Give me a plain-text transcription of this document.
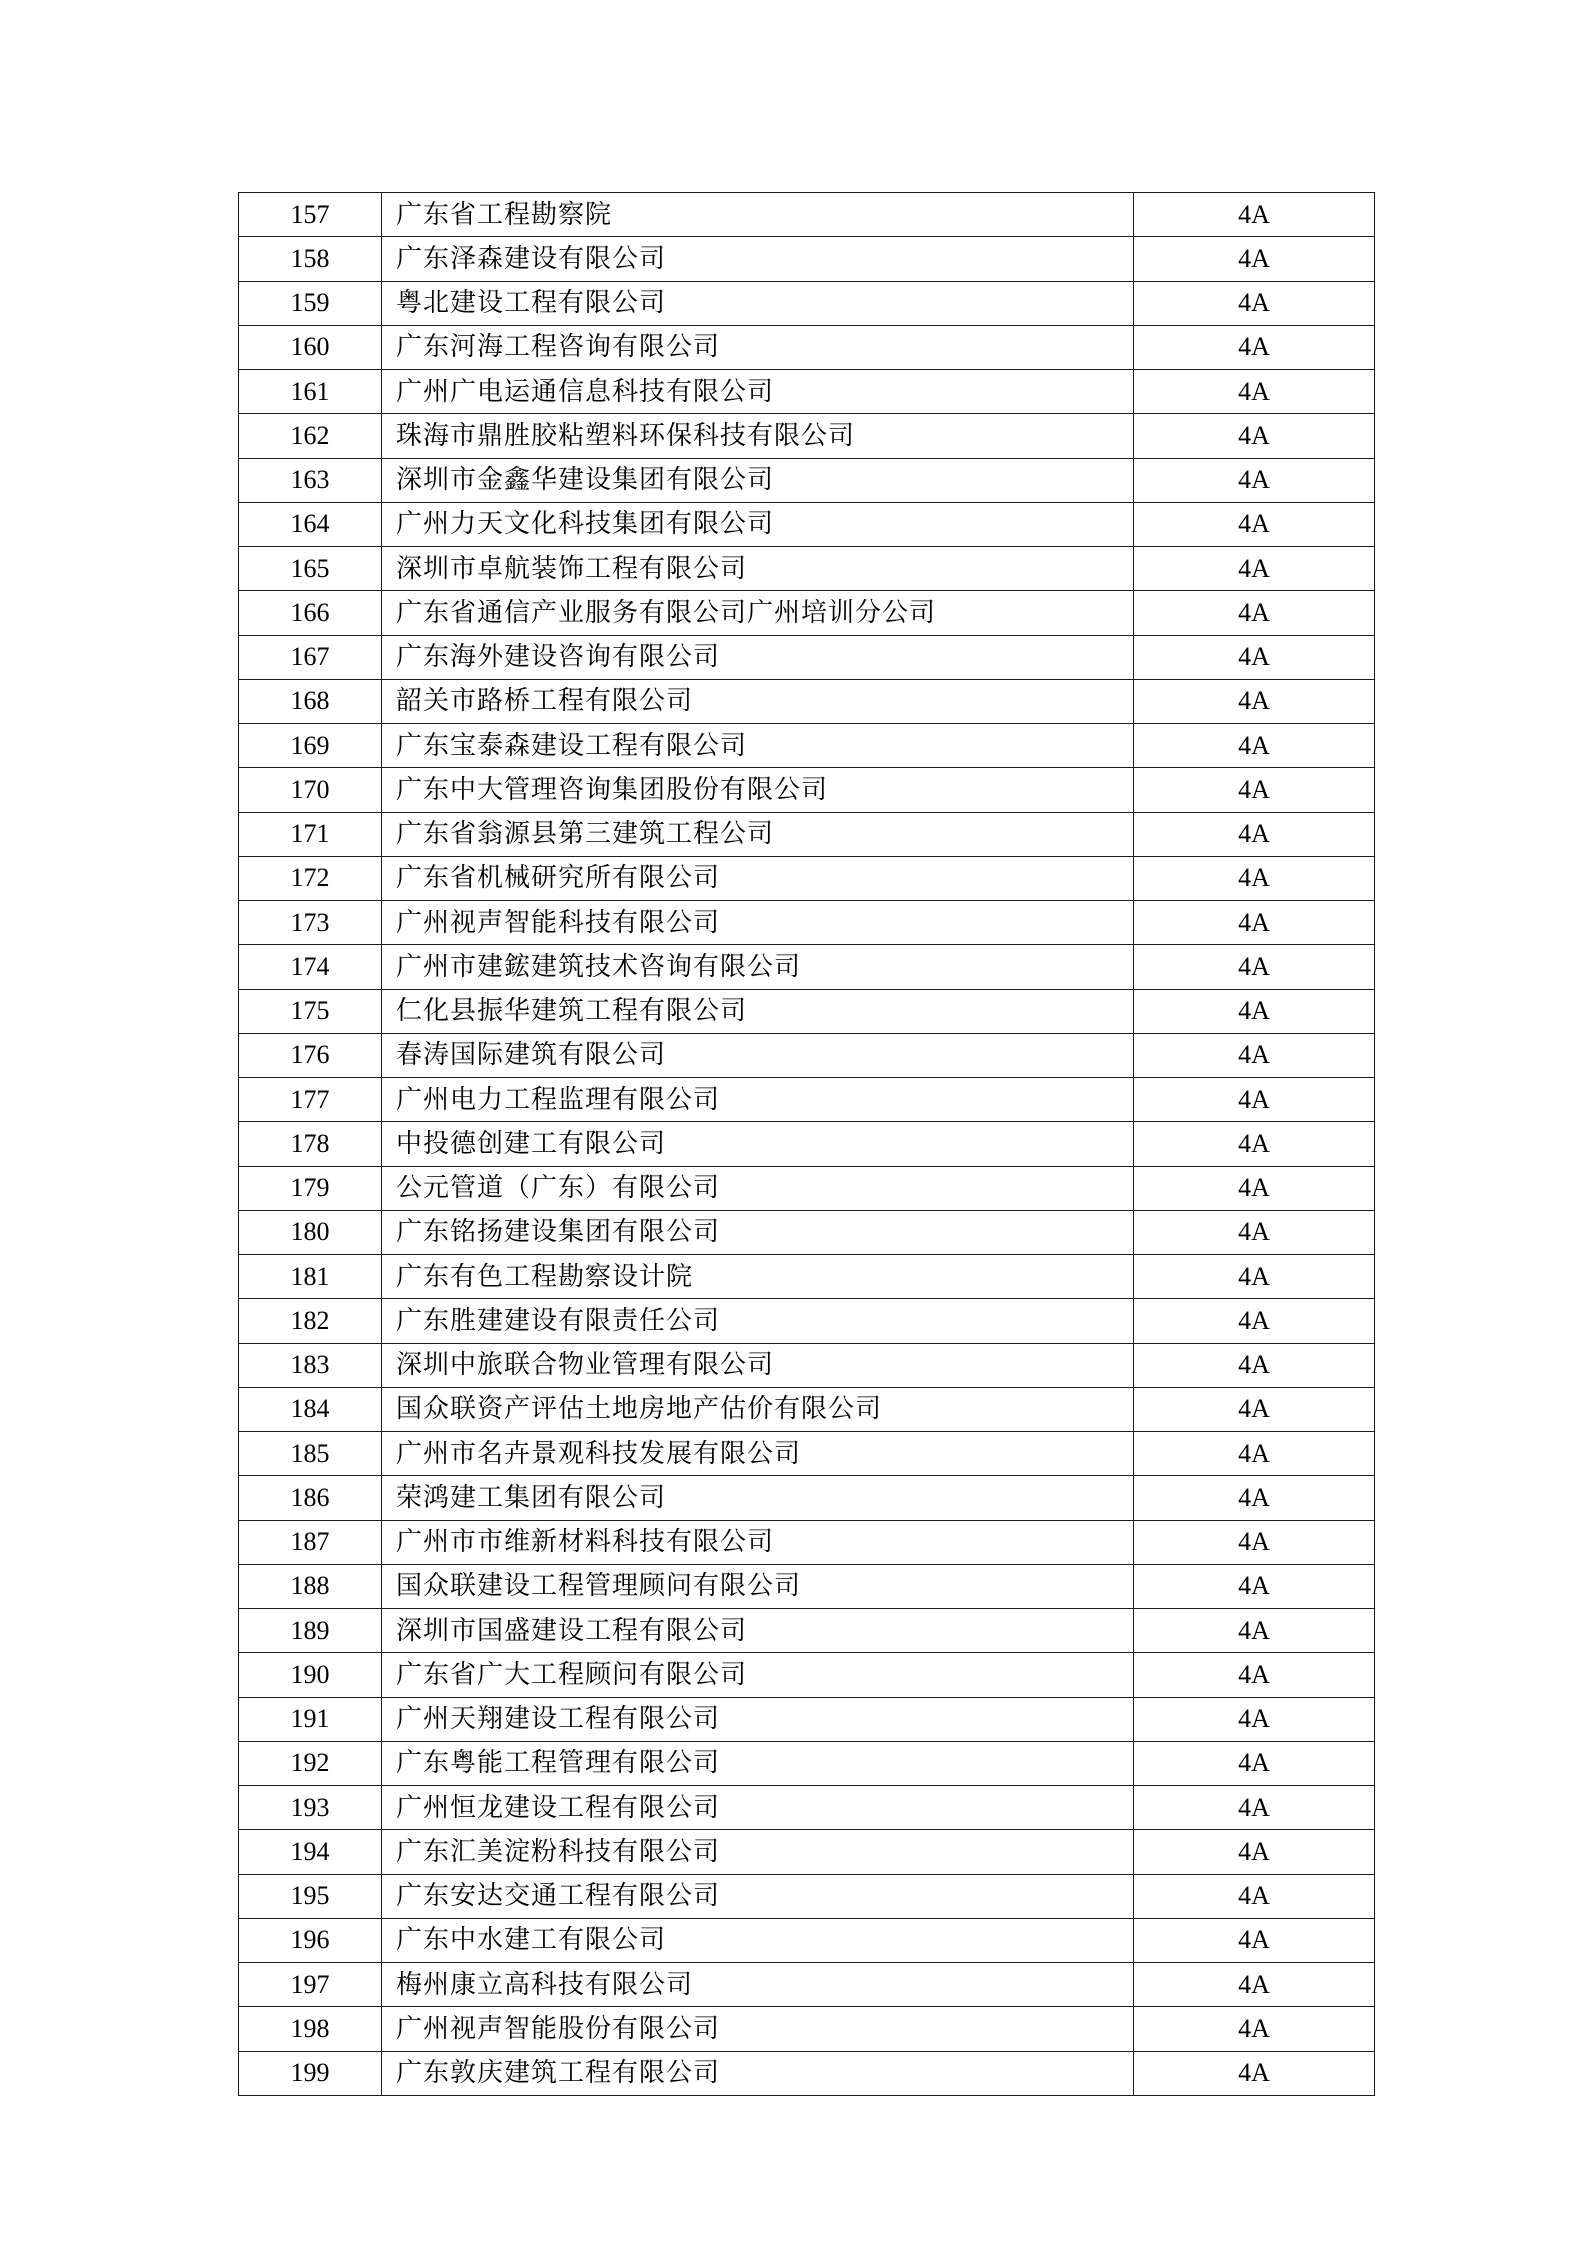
157	广东省工程勘察院	4A
158	广东泽森建设有限公司	4A
159	粤北建设工程有限公司	4A
160	广东河海工程咨询有限公司	4A
161	广州广电运通信息科技有限公司	4A
162	珠海市鼎胜胶粘塑料环保科技有限公司	4A
163	深圳市金鑫华建设集团有限公司	4A
164	广州力天文化科技集团有限公司	4A
165	深圳市卓航装饰工程有限公司	4A
166	广东省通信产业服务有限公司广州培训分公司	4A
167	广东海外建设咨询有限公司	4A
168	韶关市路桥工程有限公司	4A
169	广东宝泰森建设工程有限公司	4A
170	广东中大管理咨询集团股份有限公司	4A
171	广东省翁源县第三建筑工程公司	4A
172	广东省机械研究所有限公司	4A
173	广州视声智能科技有限公司	4A
174	广州市建鋐建筑技术咨询有限公司	4A
175	仁化县振华建筑工程有限公司	4A
176	春涛国际建筑有限公司	4A
177	广州电力工程监理有限公司	4A
178	中投德创建工有限公司	4A
179	公元管道（广东）有限公司	4A
180	广东铭扬建设集团有限公司	4A
181	广东有色工程勘察设计院	4A
182	广东胜建建设有限责任公司	4A
183	深圳中旅联合物业管理有限公司	4A
184	国众联资产评估土地房地产估价有限公司	4A
185	广州市名卉景观科技发展有限公司	4A
186	荣鸿建工集团有限公司	4A
187	广州市市维新材料科技有限公司	4A
188	国众联建设工程管理顾问有限公司	4A
189	深圳市国盛建设工程有限公司	4A
190	广东省广大工程顾问有限公司	4A
191	广州天翔建设工程有限公司	4A
192	广东粤能工程管理有限公司	4A
193	广州恒龙建设工程有限公司	4A
194	广东汇美淀粉科技有限公司	4A
195	广东安达交通工程有限公司	4A
196	广东中水建工有限公司	4A
197	梅州康立高科技有限公司	4A
198	广州视声智能股份有限公司	4A
199	广东敦庆建筑工程有限公司	4A
